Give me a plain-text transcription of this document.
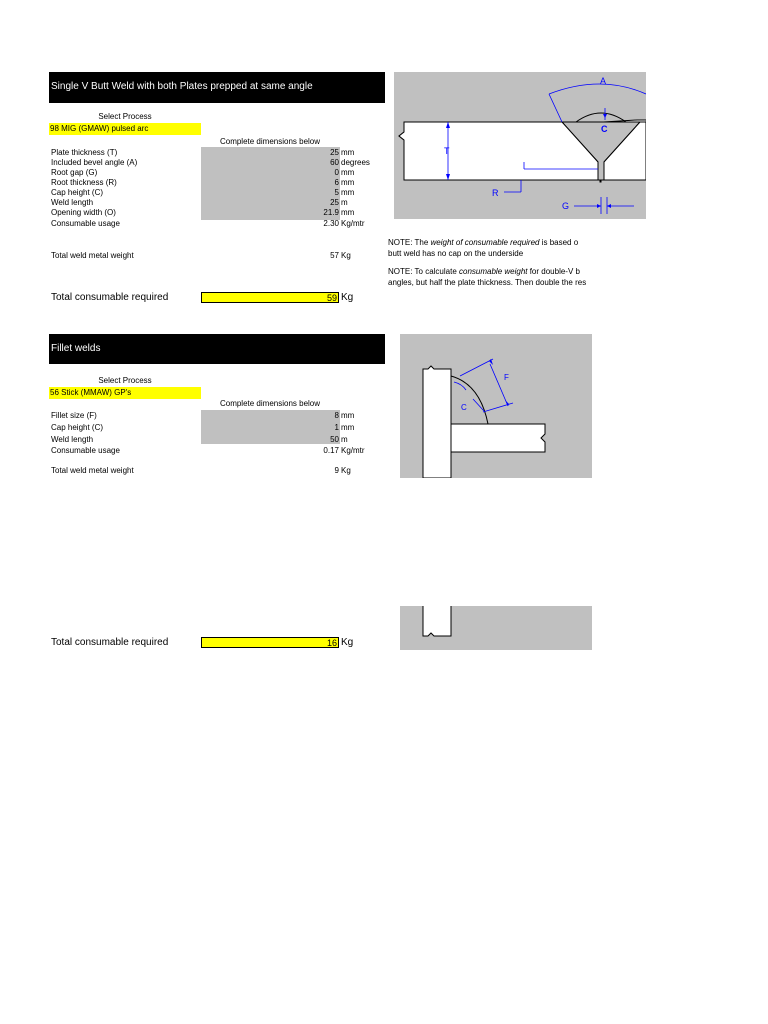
Single V Butt Weld with both Plates prepped at same angle
Select Process
98 MIG (GMAW) pulsed arc
Complete dimensions below
Plate thickness (T)	25 mm
Included bevel angle (A)	60 degrees
Root gap (G)	0 mm
Root thickness (R)	6 mm
Cap height (C)	5 mm
Weld length	25 m
Opening width (O)	21.9 mm
Consumable usage	2.30 Kg/mtr
Total weld metal weight	57 Kg
Total consumable required	59 Kg
T
A
C
R
G
NOTE: The weight of consumable required is based o
butt weld has no cap on the underside
NOTE: To calculate consumable weight for double-V b
angles, but half the plate thickness. Then double the res
Fillet welds
Select Process
56 Stick (MMAW) GP's
Complete dimensions below
Fillet size (F)	8 mm
Cap height (C)	1 mm
Weld length	50 m
Consumable usage	0.17 Kg/mtr
Total weld metal weight	9 Kg
Total consumable required	16 Kg
F
C
